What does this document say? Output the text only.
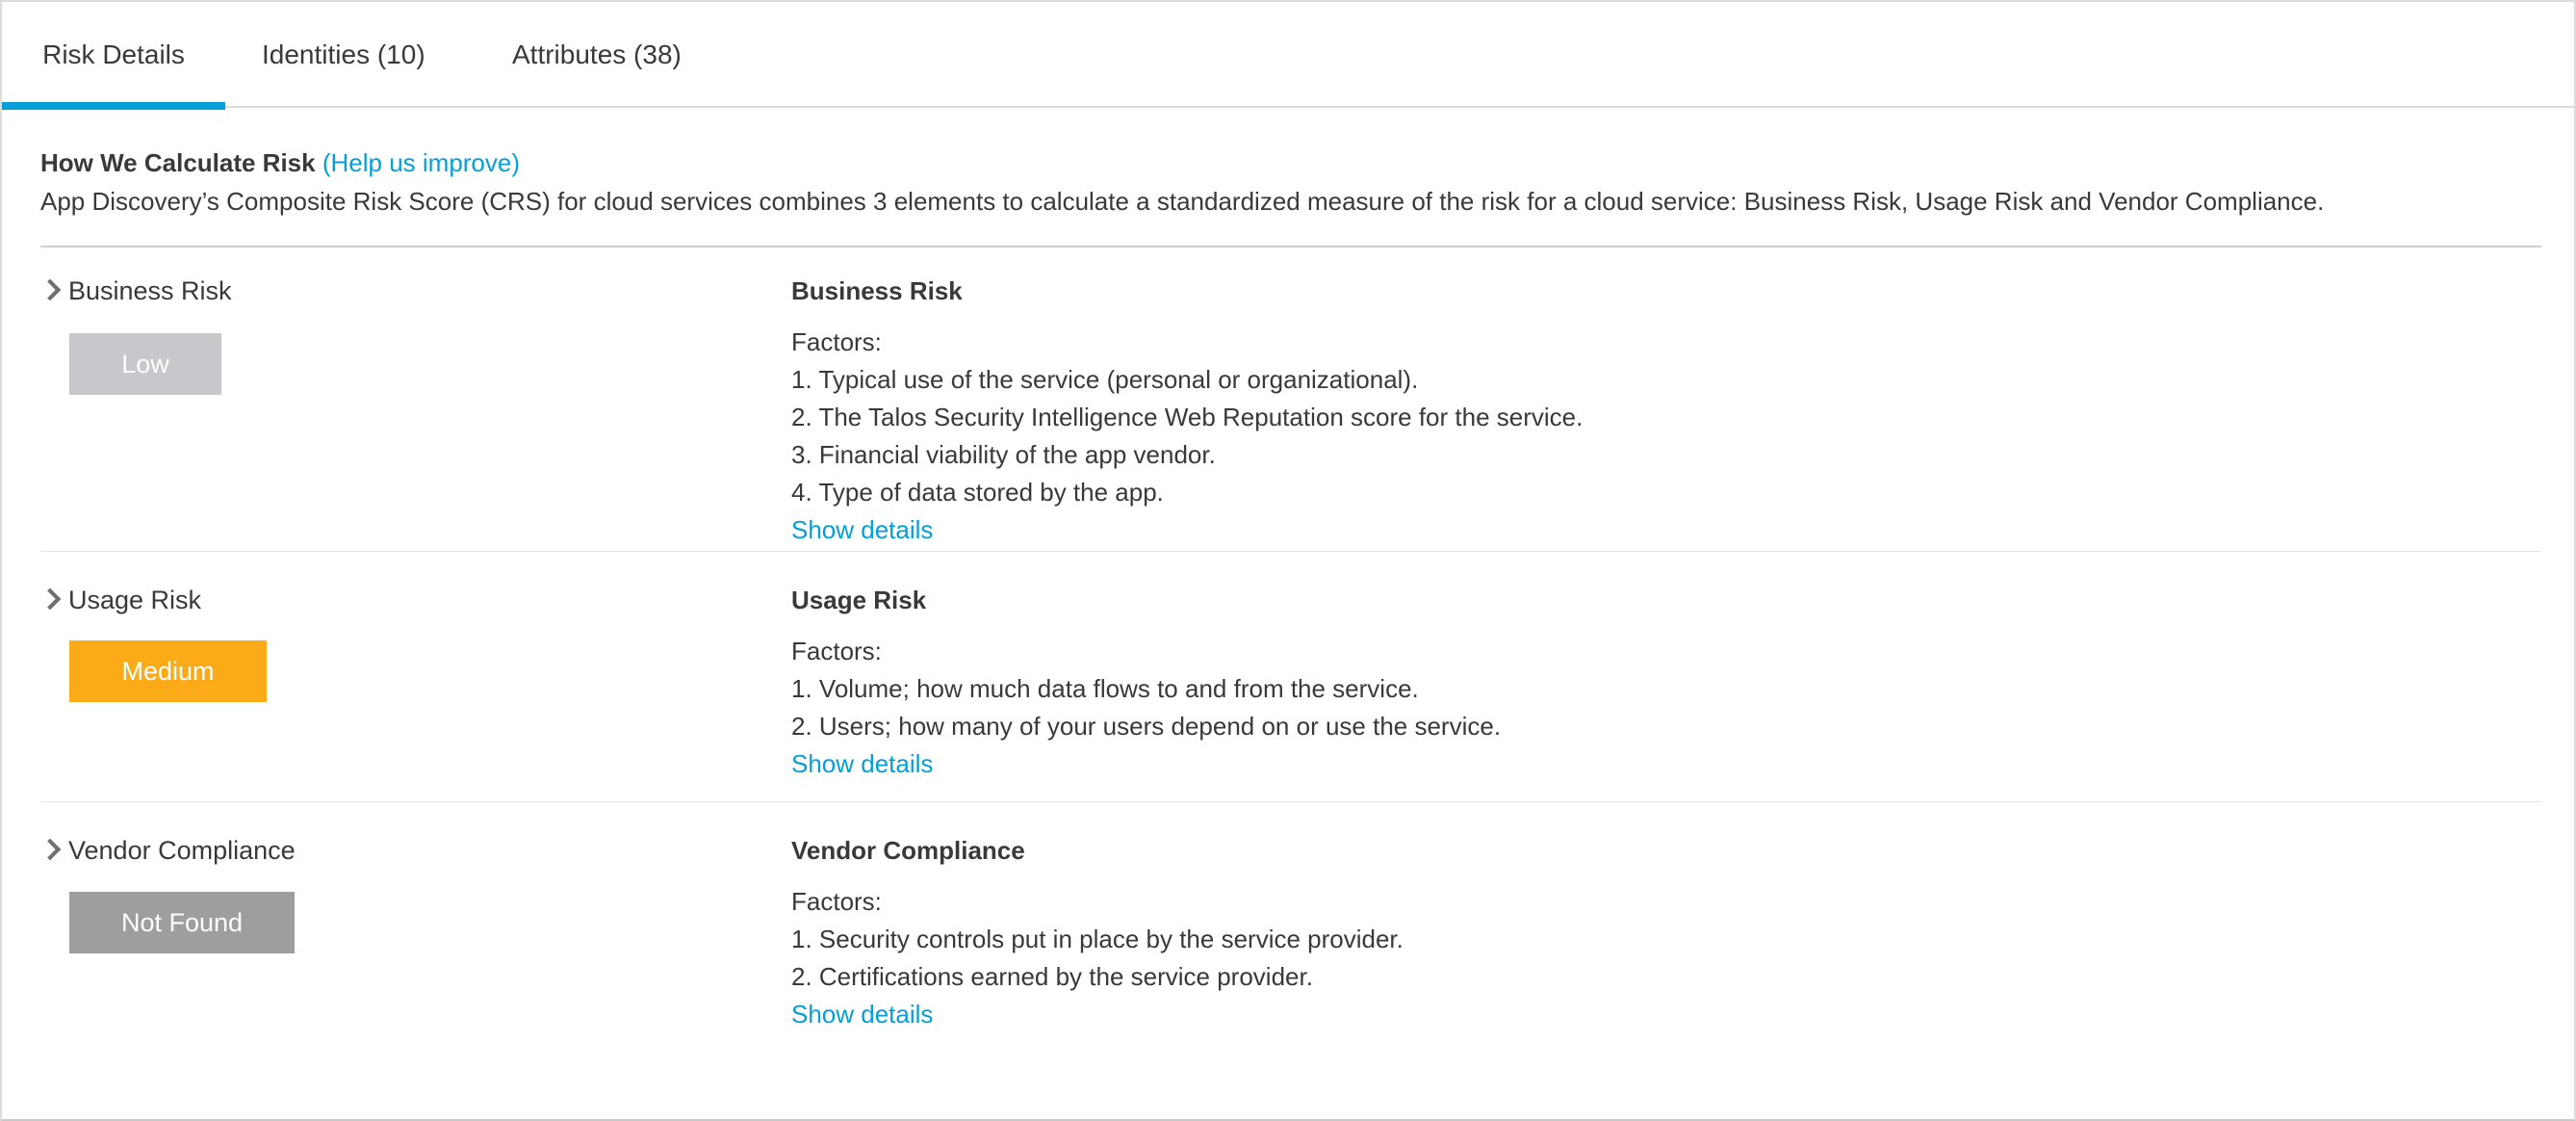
Risk Details	Identities (10)	Attributes (38)
How We Calculate Risk (Help us improve)
App Discovery’s Composite Risk Score (CRS) for cloud services combines 3 elements to calculate a standardized measure of the risk for a cloud service: Business Risk, Usage Risk and Vendor Compliance.
Business Risk
Low
Business Risk
Factors:
1. Typical use of the service (personal or organizational).
2. The Talos Security Intelligence Web Reputation score for the service.
3. Financial viability of the app vendor.
4. Type of data stored by the app.
Show details
Usage Risk
Medium
Usage Risk
Factors:
1. Volume; how much data flows to and from the service.
2. Users; how many of your users depend on or use the service.
Show details
Vendor Compliance
Not Found
Vendor Compliance
Factors:
1. Security controls put in place by the service provider.
2. Certifications earned by the service provider.
Show details
